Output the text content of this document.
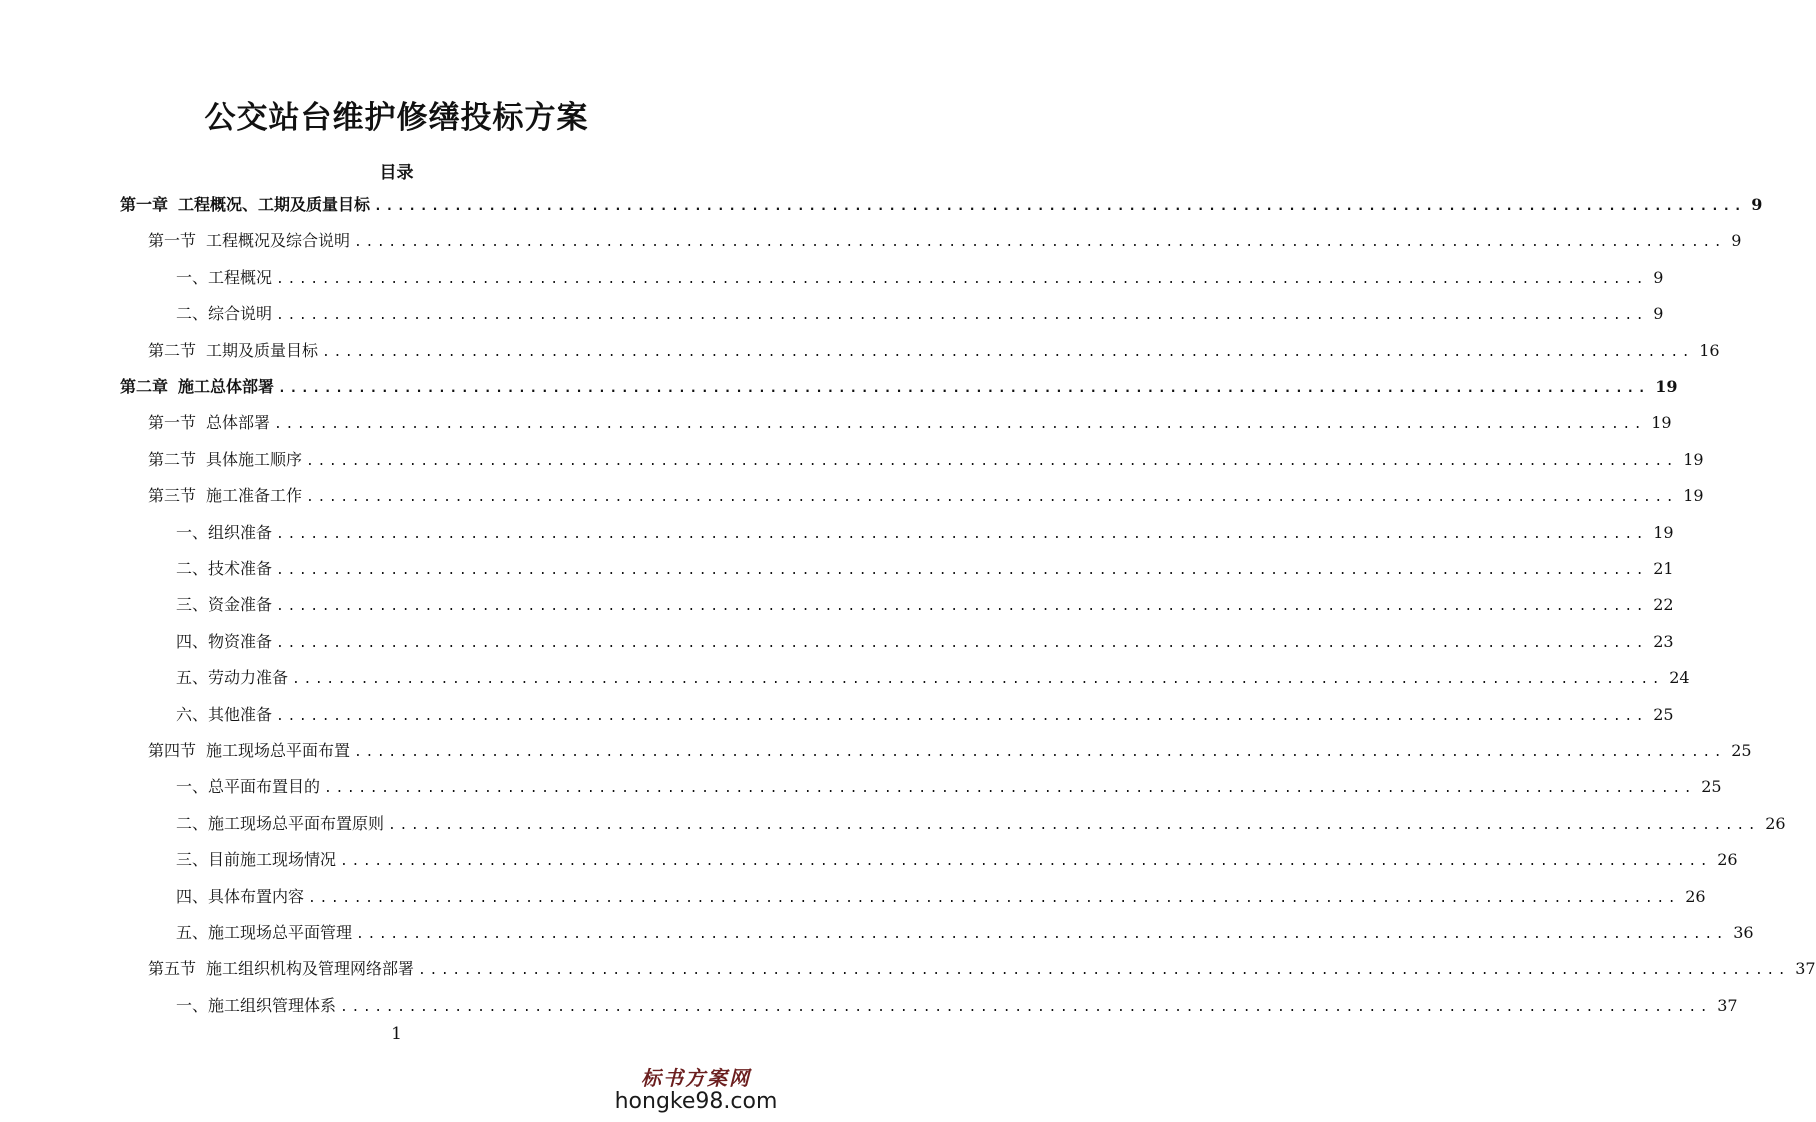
公交站台维护修缮投标方案
目录
第一章 工程概况、工期及质量目标 ........................................................................................................................ 9
第一节 工程概况及综合说明 ........................................................................................................................ 9
一、工程概况 ........................................................................................................................ 9
二、综合说明 ........................................................................................................................ 9
第二节 工期及质量目标 ........................................................................................................................ 16
第二章 施工总体部署 ........................................................................................................................ 19
第一节 总体部署 ........................................................................................................................ 19
第二节 具体施工顺序 ........................................................................................................................ 19
第三节 施工准备工作 ........................................................................................................................ 19
一、组织准备 ........................................................................................................................ 19
二、技术准备 ........................................................................................................................ 21
三、资金准备 ........................................................................................................................ 22
四、物资准备 ........................................................................................................................ 23
五、劳动力准备 ........................................................................................................................ 24
六、其他准备 ........................................................................................................................ 25
第四节 施工现场总平面布置 ........................................................................................................................ 25
一、总平面布置目的 ........................................................................................................................ 25
二、施工现场总平面布置原则 ........................................................................................................................ 26
三、目前施工现场情况 ........................................................................................................................ 26
四、具体布置内容 ........................................................................................................................ 26
五、施工现场总平面管理 ........................................................................................................................ 36
第五节 施工组织机构及管理网络部署 ........................................................................................................................ 37
一、施工组织管理体系 ........................................................................................................................ 37
1
标书方案网
hongke98.com
